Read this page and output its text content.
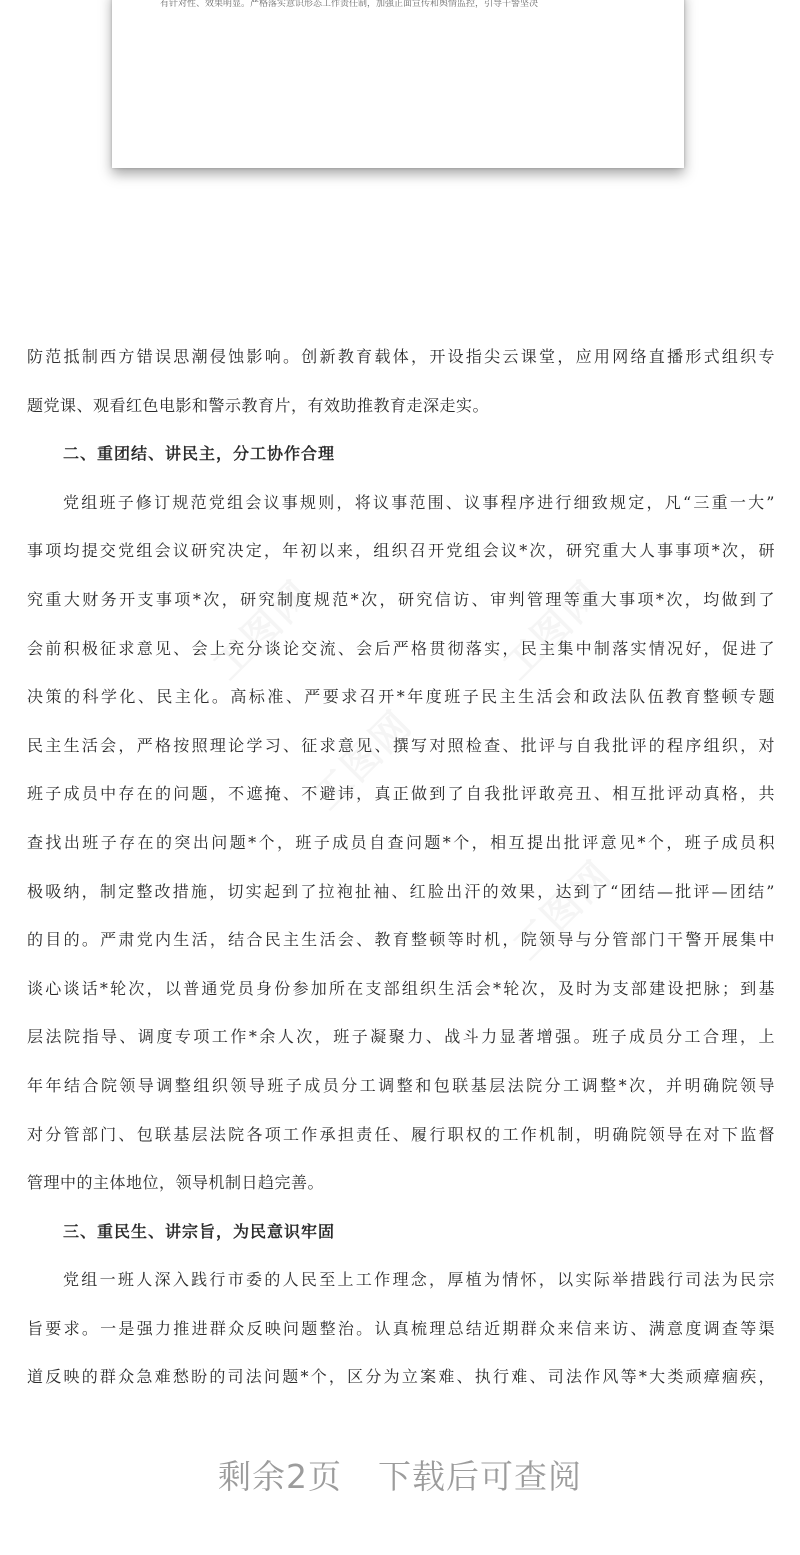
有针对性、效果明显。严格落实意识形态工作责任制，加强正面宣传和舆情监控，引导干警坚决
工图网	工图网
工图网
工图网
防范抵制西方错误思潮侵蚀影响。创新教育载体，开设指尖云课堂，应用网络直播形式组织专
题党课、观看红色电影和警示教育片，有效助推教育走深走实。
二、重团结、讲民主，分工协作合理
党组班子修订规范党组会议事规则，将议事范围、议事程序进行细致规定，凡“三重一大”
事项均提交党组会议研究决定，年初以来，组织召开党组会议*次，研究重大人事事项*次，研
究重大财务开支事项*次，研究制度规范*次，研究信访、审判管理等重大事项*次，均做到了
会前积极征求意见、会上充分谈论交流、会后严格贯彻落实，民主集中制落实情况好，促进了
决策的科学化、民主化。高标准、严要求召开*年度班子民主生活会和政法队伍教育整顿专题
民主生活会，严格按照理论学习、征求意见、撰写对照检查、批评与自我批评的程序组织，对
班子成员中存在的问题，不遮掩、不避讳，真正做到了自我批评敢亮丑、相互批评动真格，共
查找出班子存在的突出问题*个，班子成员自查问题*个，相互提出批评意见*个，班子成员积
极吸纳，制定整改措施，切实起到了拉袍扯袖、红脸出汗的效果，达到了“团结—批评—团结”
的目的。严肃党内生活，结合民主生活会、教育整顿等时机，院领导与分管部门干警开展集中
谈心谈话*轮次，以普通党员身份参加所在支部组织生活会*轮次，及时为支部建设把脉；到基
层法院指导、调度专项工作*余人次，班子凝聚力、战斗力显著增强。班子成员分工合理，上
年年结合院领导调整组织领导班子成员分工调整和包联基层法院分工调整*次，并明确院领导
对分管部门、包联基层法院各项工作承担责任、履行职权的工作机制，明确院领导在对下监督
管理中的主体地位，领导机制日趋完善。
三、重民生、讲宗旨，为民意识牢固
党组一班人深入践行市委的人民至上工作理念，厚植为情怀，以实际举措践行司法为民宗
旨要求。一是强力推进群众反映问题整治。认真梳理总结近期群众来信来访、满意度调查等渠
道反映的群众急难愁盼的司法问题*个，区分为立案难、执行难、司法作风等*大类顽瘴痼疾，
剩余2页 下载后可查阅
